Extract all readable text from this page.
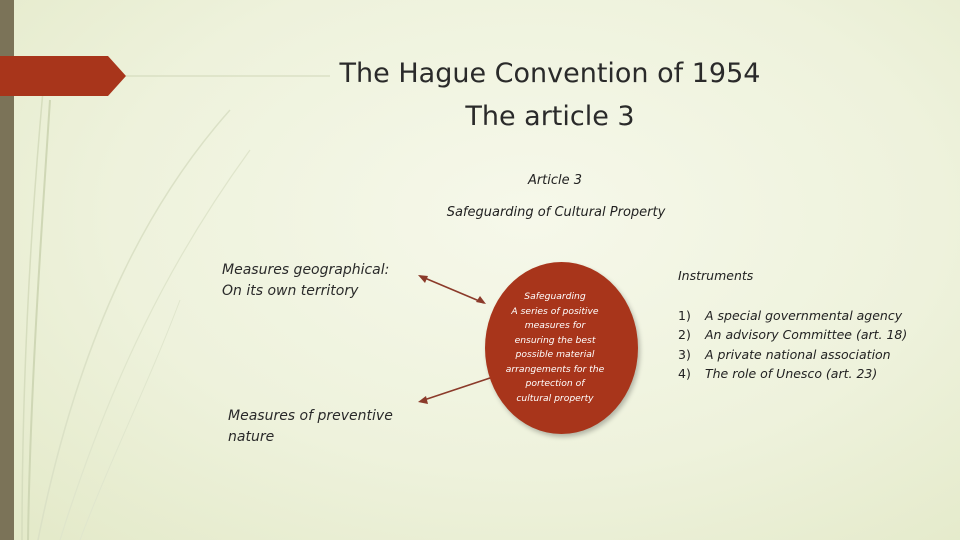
The Hague Convention of 1954
The article 3
Article 3
Safeguarding of Cultural Property
Measures geographical:
On its own territory
Measures of preventive
nature
Safeguarding
A series of positive
measures for
ensuring the best
possible material
arrangements for the
portection of
cultural property
Instruments
1) A special governmental agency
2) An advisory Committee (art. 18)
3) A private national association
4) The role of Unesco (art. 23)
